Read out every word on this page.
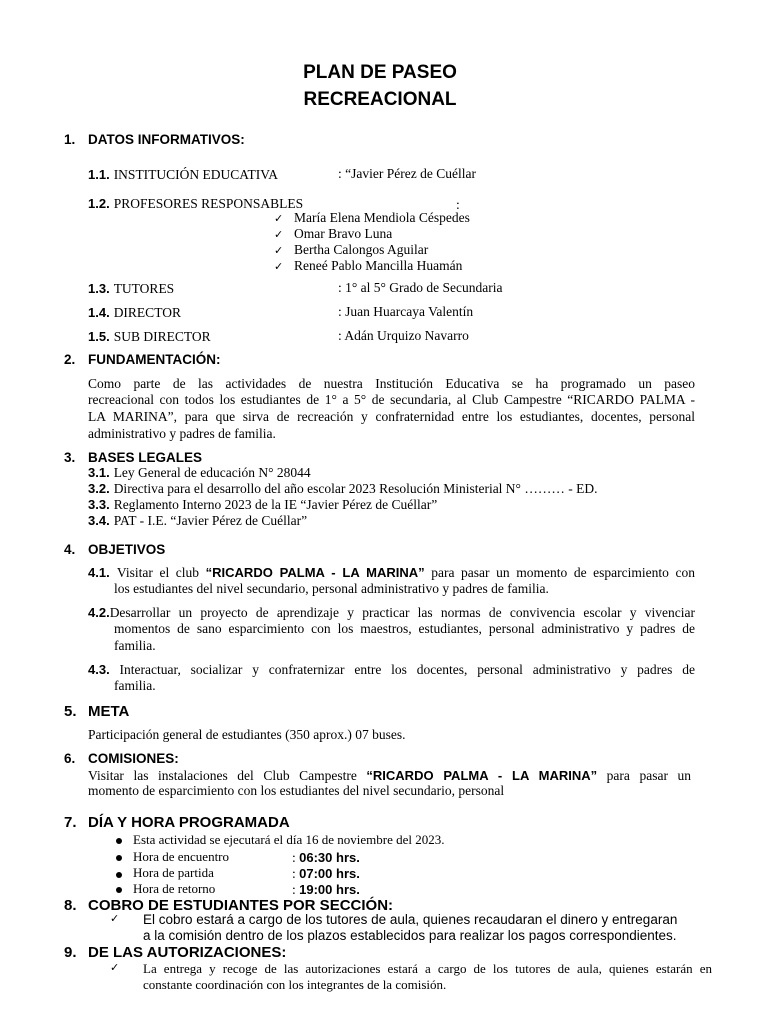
PLAN DE PASEO
RECREACIONAL
1. DATOS INFORMATIVOS:
1.1. INSTITUCIÓN EDUCATIVA	: “Javier Pérez de Cuéllar
1.2. PROFESORES RESPONSABLES	:
✓ María Elena Mendiola Céspedes
✓ Omar Bravo Luna
✓ Bertha Calongos Aguilar
✓ Reneé Pablo Mancilla Huamán
1.3. TUTORES	: 1° al 5° Grado de Secundaria
1.4. DIRECTOR	: Juan Huarcaya Valentín
1.5. SUB DIRECTOR	: Adán Urquizo Navarro
2. FUNDAMENTACIÓN:
Como parte de las actividades de nuestra Institución Educativa se ha programado un paseo
recreacional con todos los estudiantes de 1° a 5° de secundaria, al Club Campestre “RICARDO PALMA -
LA MARINA”, para que sirva de recreación y confraternidad entre los estudiantes, docentes, personal
administrativo y padres de familia.
3. BASES LEGALES
3.1. Ley General de educación N° 28044
3.2. Directiva para el desarrollo del año escolar 2023 Resolución Ministerial N° ……… - ED.
3.3. Reglamento Interno 2023 de la IE “Javier Pérez de Cuéllar”
3.4. PAT - I.E. “Javier Pérez de Cuéllar”
4. OBJETIVOS
4.1. Visitar el club “RICARDO PALMA - LA MARINA” para pasar un momento de esparcimiento con
los estudiantes del nivel secundario, personal administrativo y padres de familia.
4.2.Desarrollar un proyecto de aprendizaje y practicar las normas de convivencia escolar y vivenciar
momentos de sano esparcimiento con los maestros, estudiantes, personal administrativo y padres de
familia.
4.3. Interactuar, socializar y confraternizar entre los docentes, personal administrativo y padres de
familia.
5. META
Participación general de estudiantes (350 aprox.) 07 buses.
6. COMISIONES:
Visitar las instalaciones del Club Campestre “RICARDO PALMA - LA MARINA” para pasar un
momento de esparcimiento con los estudiantes del nivel secundario, personal
7. DÍA Y HORA PROGRAMADA
Esta actividad se ejecutará el día 16 de noviembre del 2023.
Hora de encuentro	: 06:30 hrs.
Hora de partida	: 07:00 hrs.
Hora de retorno	: 19:00 hrs.
8. COBRO DE ESTUDIANTES POR SECCIÓN:
✓	El cobro estará a cargo de los tutores de aula, quienes recaudaran el dinero y entregaran
a la comisión dentro de los plazos establecidos para realizar los pagos correspondientes.
9. DE LAS AUTORIZACIONES:
✓	La entrega y recoge de las autorizaciones estará a cargo de los tutores de aula, quienes estarán en
constante coordinación con los integrantes de la comisión.
